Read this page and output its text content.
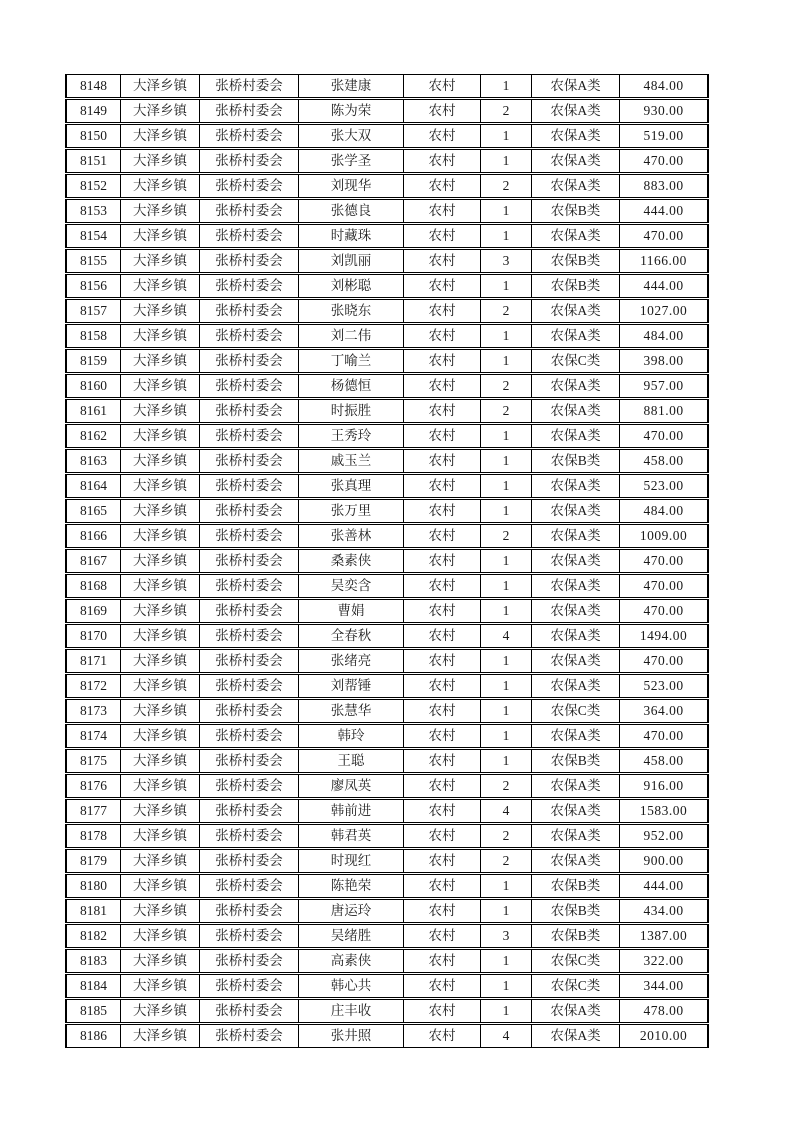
8148	大泽乡镇	张桥村委会	张建康	农村	1	农保A类	484.00
8149	大泽乡镇	张桥村委会	陈为荣	农村	2	农保A类	930.00
8150	大泽乡镇	张桥村委会	张大双	农村	1	农保A类	519.00
8151	大泽乡镇	张桥村委会	张学圣	农村	1	农保A类	470.00
8152	大泽乡镇	张桥村委会	刘现华	农村	2	农保A类	883.00
8153	大泽乡镇	张桥村委会	张德良	农村	1	农保B类	444.00
8154	大泽乡镇	张桥村委会	时藏珠	农村	1	农保A类	470.00
8155	大泽乡镇	张桥村委会	刘凯丽	农村	3	农保B类	1166.00
8156	大泽乡镇	张桥村委会	刘彬聪	农村	1	农保B类	444.00
8157	大泽乡镇	张桥村委会	张晓东	农村	2	农保A类	1027.00
8158	大泽乡镇	张桥村委会	刘二伟	农村	1	农保A类	484.00
8159	大泽乡镇	张桥村委会	丁喻兰	农村	1	农保C类	398.00
8160	大泽乡镇	张桥村委会	杨德恒	农村	2	农保A类	957.00
8161	大泽乡镇	张桥村委会	时振胜	农村	2	农保A类	881.00
8162	大泽乡镇	张桥村委会	王秀玲	农村	1	农保A类	470.00
8163	大泽乡镇	张桥村委会	戚玉兰	农村	1	农保B类	458.00
8164	大泽乡镇	张桥村委会	张真理	农村	1	农保A类	523.00
8165	大泽乡镇	张桥村委会	张万里	农村	1	农保A类	484.00
8166	大泽乡镇	张桥村委会	张善林	农村	2	农保A类	1009.00
8167	大泽乡镇	张桥村委会	桑素侠	农村	1	农保A类	470.00
8168	大泽乡镇	张桥村委会	吴奕含	农村	1	农保A类	470.00
8169	大泽乡镇	张桥村委会	曹娟	农村	1	农保A类	470.00
8170	大泽乡镇	张桥村委会	全春秋	农村	4	农保A类	1494.00
8171	大泽乡镇	张桥村委会	张绪亮	农村	1	农保A类	470.00
8172	大泽乡镇	张桥村委会	刘帮锤	农村	1	农保A类	523.00
8173	大泽乡镇	张桥村委会	张慧华	农村	1	农保C类	364.00
8174	大泽乡镇	张桥村委会	韩玲	农村	1	农保A类	470.00
8175	大泽乡镇	张桥村委会	王聪	农村	1	农保B类	458.00
8176	大泽乡镇	张桥村委会	廖凤英	农村	2	农保A类	916.00
8177	大泽乡镇	张桥村委会	韩前进	农村	4	农保A类	1583.00
8178	大泽乡镇	张桥村委会	韩君英	农村	2	农保A类	952.00
8179	大泽乡镇	张桥村委会	时现红	农村	2	农保A类	900.00
8180	大泽乡镇	张桥村委会	陈艳荣	农村	1	农保B类	444.00
8181	大泽乡镇	张桥村委会	唐运玲	农村	1	农保B类	434.00
8182	大泽乡镇	张桥村委会	吴绪胜	农村	3	农保B类	1387.00
8183	大泽乡镇	张桥村委会	高素侠	农村	1	农保C类	322.00
8184	大泽乡镇	张桥村委会	韩心共	农村	1	农保C类	344.00
8185	大泽乡镇	张桥村委会	庄丰收	农村	1	农保A类	478.00
8186	大泽乡镇	张桥村委会	张井照	农村	4	农保A类	2010.00
